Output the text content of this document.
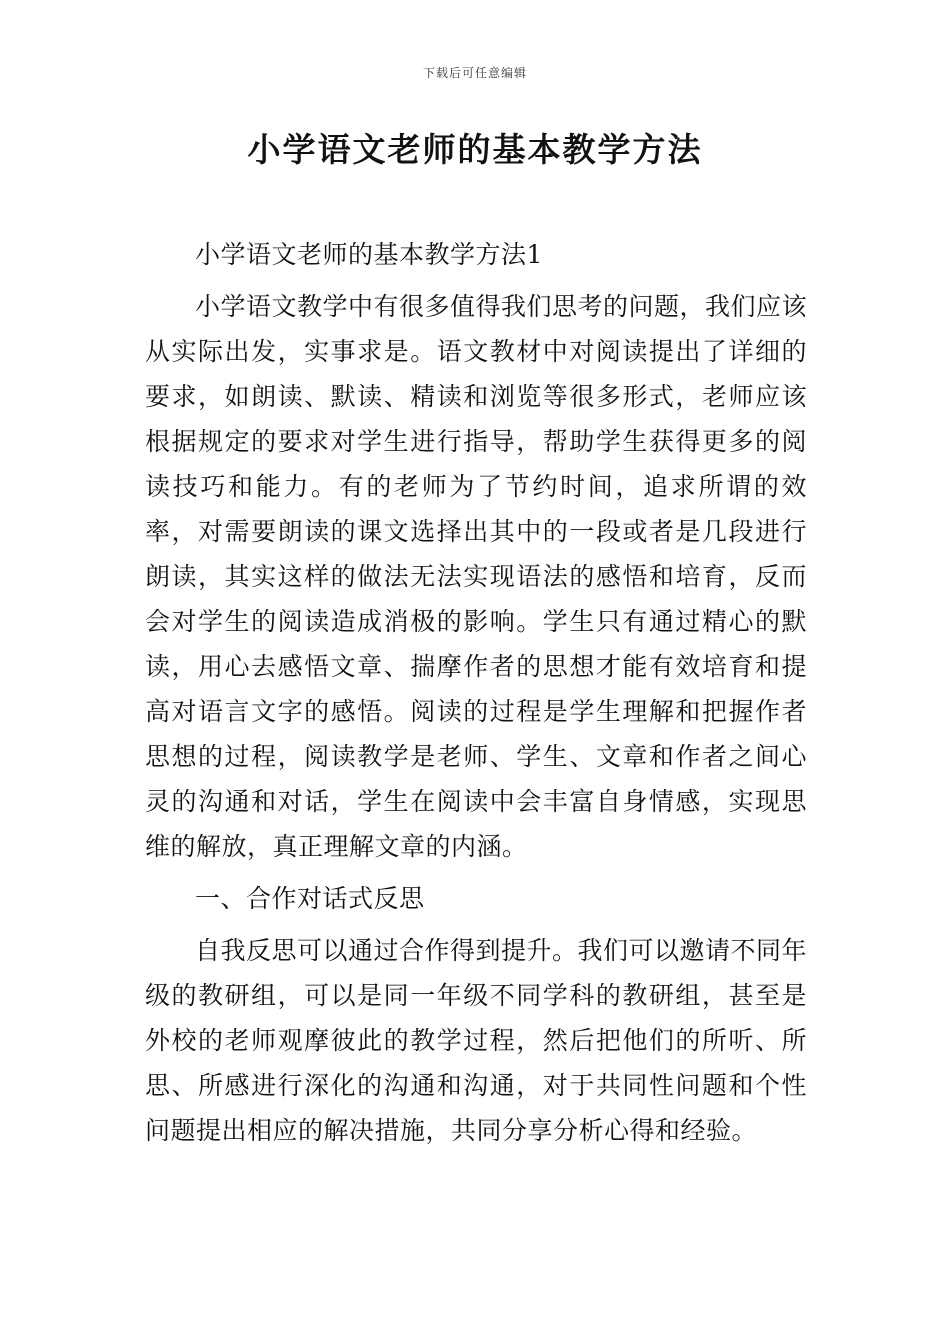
下载后可任意编辑
小学语文老师的基本教学方法

小学语文老师的基本教学方法1

小学语文教学中有很多值得我们思考的问题，我们应该从实际出发，实事求是。语文教材中对阅读提出了详细的要求，如朗读、默读、精读和浏览等很多形式，老师应该根据规定的要求对学生进行指导，帮助学生获得更多的阅读技巧和能力。有的老师为了节约时间，追求所谓的效率，对需要朗读的课文选择出其中的一段或者是几段进行朗读，其实这样的做法无法实现语法的感悟和培育，反而会对学生的阅读造成消极的影响。学生只有通过精心的默读，用心去感悟文章、揣摩作者的思想才能有效培育和提高对语言文字的感悟。阅读的过程是学生理解和把握作者思想的过程，阅读教学是老师、学生、文章和作者之间心灵的沟通和对话，学生在阅读中会丰富自身情感，实现思维的解放，真正理解文章的内涵。

一、合作对话式反思

自我反思可以通过合作得到提升。我们可以邀请不同年级的教研组，可以是同一年级不同学科的教研组，甚至是外校的老师观摩彼此的教学过程，然后把他们的所听、所思、所感进行深化的沟通和沟通，对于共同性问题和个性问题提出相应的解决措施，共同分享分析心得和经验。
